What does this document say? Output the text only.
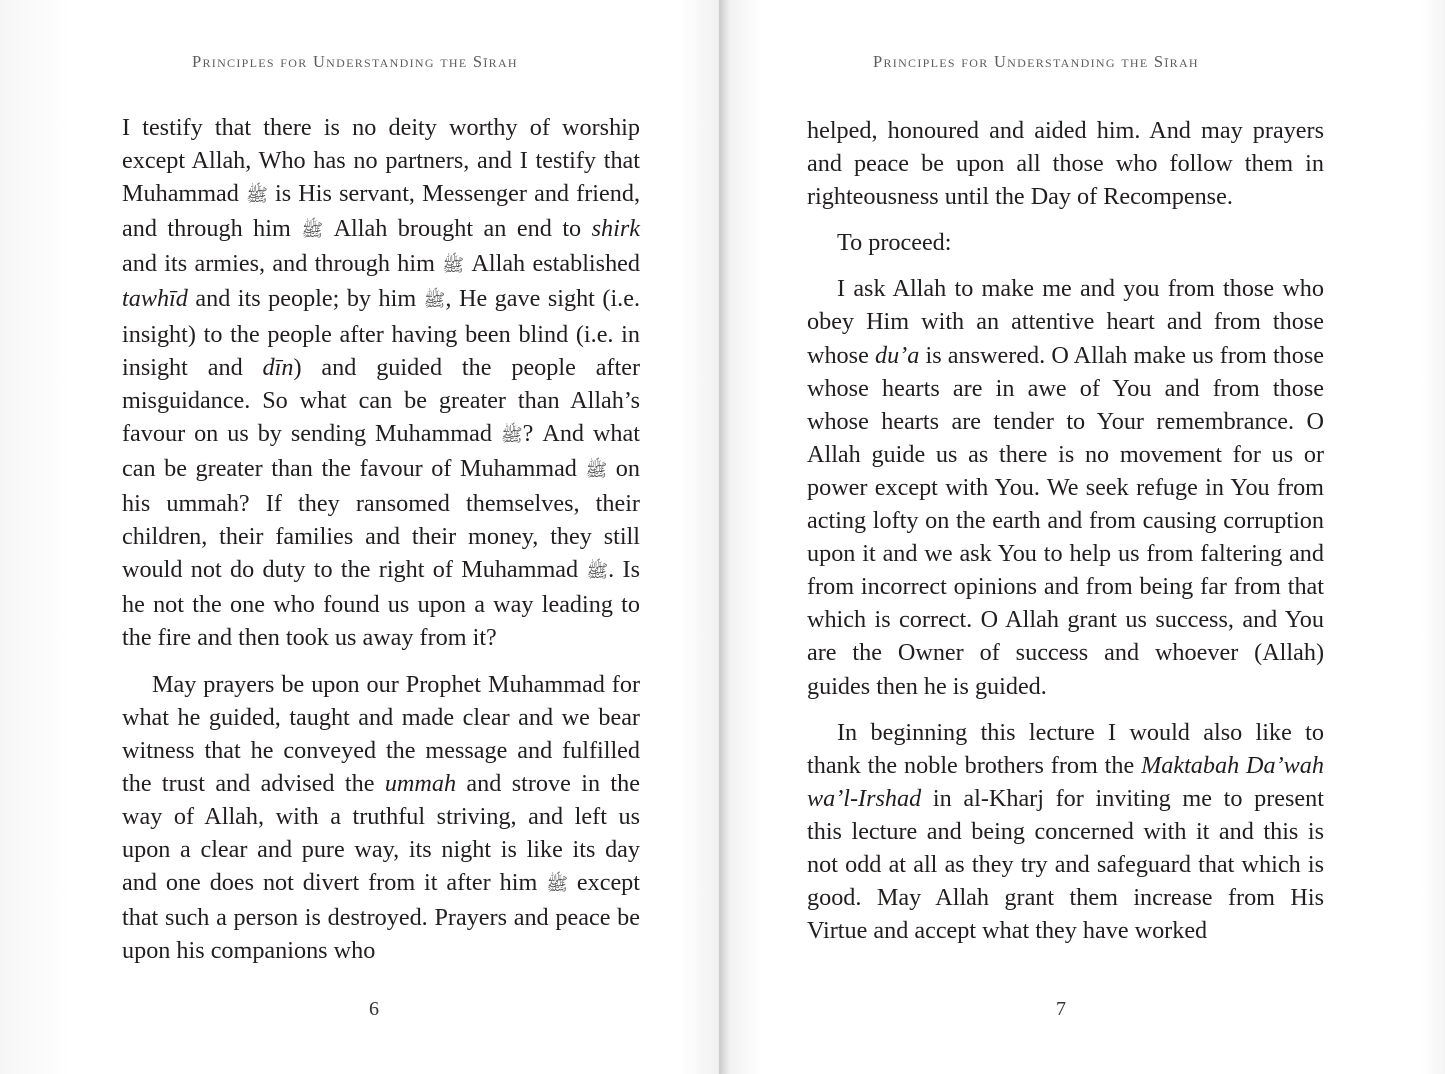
Principles for Understanding the Sīrah

I testify that there is no deity worthy of worship except Allah, Who has no partners, and I testify that Muhammad ﷺ is His servant, Messenger and friend, and through him ﷺ Allah brought an end to shirk and its armies, and through him ﷺ Allah established tawhīd and its people; by him ﷺ, He gave sight (i.e. insight) to the people after having been blind (i.e. in insight and dīn) and guided the people after misguidance. So what can be greater than Allah’s favour on us by sending Muhammad ﷺ? And what can be greater than the favour of Muhammad ﷺ on his ummah? If they ransomed themselves, their children, their families and their money, they still would not do duty to the right of Muhammad ﷺ. Is he not the one who found us upon a way leading to the fire and then took us away from it?

May prayers be upon our Prophet Muhammad for what he guided, taught and made clear and we bear witness that he conveyed the message and fulfilled the trust and advised the ummah and strove in the way of Allah, with a truthful striving, and left us upon a clear and pure way, its night is like its day and one does not divert from it after him ﷺ except that such a person is destroyed. Prayers and peace be upon his companions who

6
Principles for Understanding the Sīrah

helped, honoured and aided him. And may prayers and peace be upon all those who follow them in righteousness until the Day of Recompense.

To proceed:

I ask Allah to make me and you from those who obey Him with an attentive heart and from those whose du’a is answered. O Allah make us from those whose hearts are in awe of You and from those whose hearts are tender to Your remembrance. O Allah guide us as there is no movement for us or power except with You. We seek refuge in You from acting lofty on the earth and from causing corruption upon it and we ask You to help us from faltering and from incorrect opinions and from being far from that which is correct. O Allah grant us success, and You are the Owner of success and whoever (Allah) guides then he is guided.

In beginning this lecture I would also like to thank the noble brothers from the Maktabah Da’wah wa’l-Irshad in al-Kharj for inviting me to present this lecture and being concerned with it and this is not odd at all as they try and safeguard that which is good. May Allah grant them increase from His Virtue and accept what they have worked

7
